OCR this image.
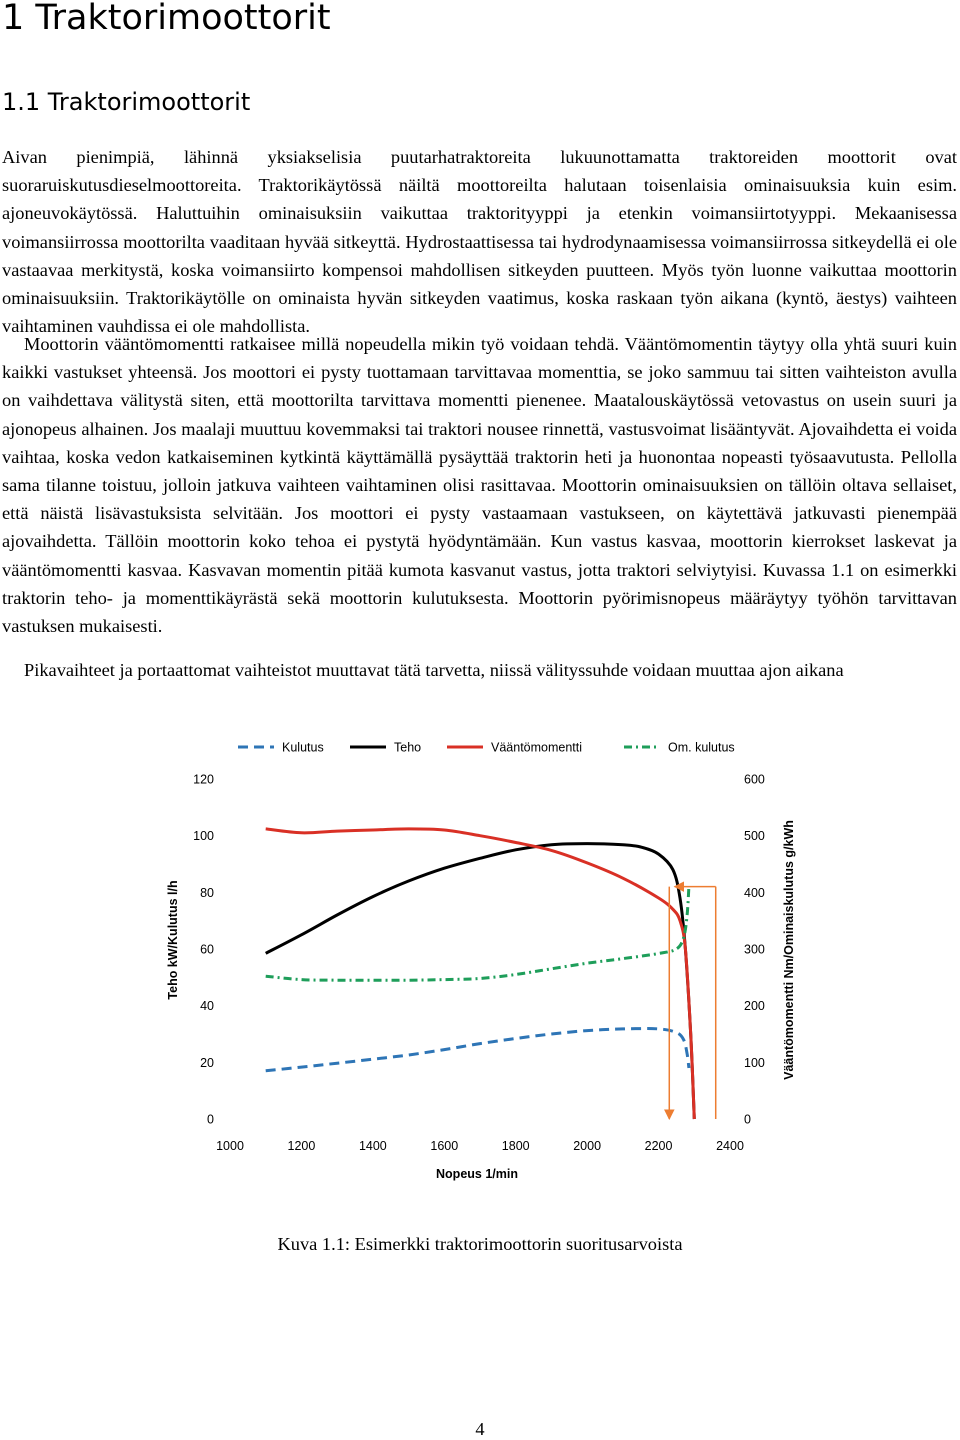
1 Traktorimoottorit
1.1 Traktorimoottorit

Aivan pienimpiä, lähinnä yksiakselisia puutarhatraktoreita lukuunottamatta traktoreiden moottorit ovat suoraruiskutusdieselmoottoreita. Traktorikäytössä näiltä moottoreilta halutaan toisenlaisia ominaisuuksia kuin esim. ajoneuvokäytössä. Haluttuihin ominaisuksiin vaikuttaa traktorityyppi ja etenkin voimansiirtotyyppi. Mekaanisessa voimansiirrossa moottorilta vaaditaan hyvää sitkeyttä. Hydrostaattisessa tai hydrodynaamisessa voimansiirrossa sitkeydellä ei ole vastaavaa merkitystä, koska voimansiirto kompensoi mahdollisen sitkeyden puutteen. Myös työn luonne vaikuttaa moottorin ominaisuuksiin. Traktorikäytölle on ominaista hyvän sitkeyden vaatimus, koska raskaan työn aikana (kyntö, äestys) vaihteen vaihtaminen vauhdissa ei ole mahdollista.

Moottorin vääntömomentti ratkaisee millä nopeudella mikin työ voidaan tehdä. Vääntömomentin täytyy olla yhtä suuri kuin kaikki vastukset yhteensä. Jos moottori ei pysty tuottamaan tarvittavaa momenttia, se joko sammuu tai sitten vaihteiston avulla on vaihdettava välitystä siten, että moottorilta tarvittava momentti pienenee. Maatalouskäytössä vetovastus on usein suuri ja ajonopeus alhainen. Jos maalaji muuttuu kovemmaksi tai traktori nousee rinnettä, vastusvoimat lisääntyvät. Ajovaihdetta ei voida vaihtaa, koska vedon katkaiseminen kytkintä käyttämällä pysäyttää traktorin heti ja huonontaa nopeasti työsaavutusta. Pellolla sama tilanne toistuu, jolloin jatkuva vaihteen vaihtaminen olisi rasittavaa. Moottorin ominaisuuksien on tällöin oltava sellaiset, että näistä lisävastuksista selvitään. Jos moottori ei pysty vastaamaan vastukseen, on käytettävä jatkuvasti pienempää ajovaihdetta. Tällöin moottorin koko tehoa ei pystytä hyödyntämään. Kun vastus kasvaa, moottorin kierrokset laskevat ja vääntömomentti kasvaa. Kasvavan momentin pitää kumota kasvanut vastus, jotta traktori selviytyisi. Kuvassa 1.1 on esimerkki traktorin teho- ja momenttikäyrästä sekä moottorin kulutuksesta. Moottorin pyörimisnopeus määräytyy työhön tarvittavan vastuksen mukaisesti.

Pikavaihteet ja portaattomat vaihteistot muuttavat tätä tarvetta, niissä välityssuhde voidaan muuttaa ajon aikana

0
20
40
60
80
100
120
0
100
200
300
400
500
600
1000	1200	1400	1600	1800	2000	2200	2400
Nopeus 1/min
Teho kW/Kulutus l/h	Vääntömomentti Nm/Ominaiskulutus g/kWh
Kulutus	Teho	Vääntömomentti	Om. kulutus

Kuva 1.1: Esimerkki traktorimoottorin suoritusarvoista

4
